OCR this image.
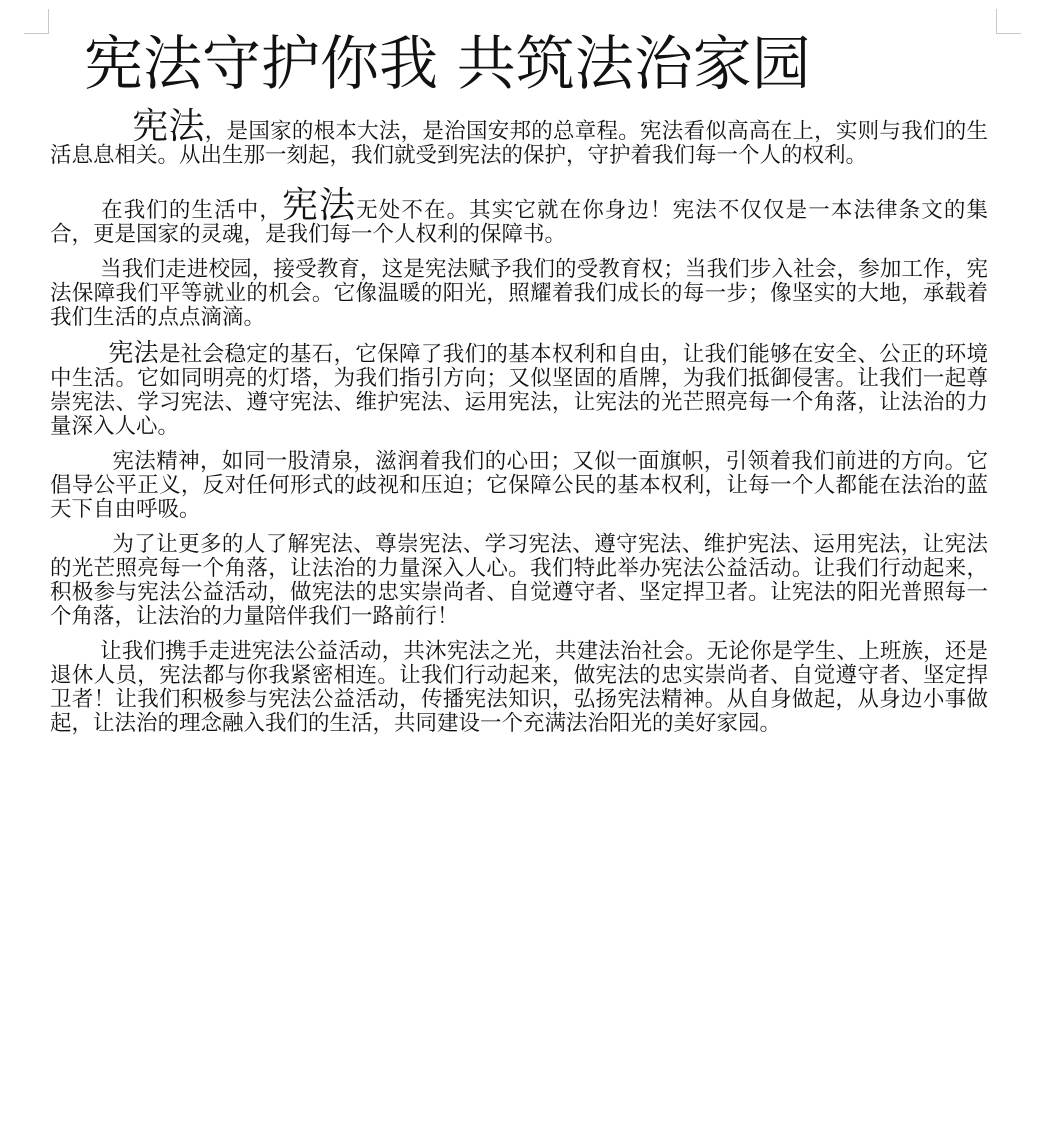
宪法守护你我 共筑法治家园

宪法，是国家的根本大法，是治国安邦的总章程。宪法看似高高在上，实则与我们的生活息息相关。从出生那一刻起，我们就受到宪法的保护，守护着我们每一个人的权利。

在我们的生活中，宪法无处不在。其实它就在你身边！宪法不仅仅是一本法律条文的集合，更是国家的灵魂，是我们每一个人权利的保障书。

当我们走进校园，接受教育，这是宪法赋予我们的受教育权；当我们步入社会，参加工作，宪法保障我们平等就业的机会。它像温暖的阳光，照耀着我们成长的每一步；像坚实的大地，承载着我们生活的点点滴滴。

宪法是社会稳定的基石，它保障了我们的基本权利和自由，让我们能够在安全、公正的环境中生活。它如同明亮的灯塔，为我们指引方向；又似坚固的盾牌，为我们抵御侵害。让我们一起尊崇宪法、学习宪法、遵守宪法、维护宪法、运用宪法，让宪法的光芒照亮每一个角落，让法治的力量深入人心。

宪法精神，如同一股清泉，滋润着我们的心田；又似一面旗帜，引领着我们前进的方向。它倡导公平正义，反对任何形式的歧视和压迫；它保障公民的基本权利，让每一个人都能在法治的蓝天下自由呼吸。

为了让更多的人了解宪法、尊崇宪法、学习宪法、遵守宪法、维护宪法、运用宪法，让宪法的光芒照亮每一个角落，让法治的力量深入人心。我们特此举办宪法公益活动。让我们行动起来，积极参与宪法公益活动，做宪法的忠实崇尚者、自觉遵守者、坚定捍卫者。让宪法的阳光普照每一个角落，让法治的力量陪伴我们一路前行！

让我们携手走进宪法公益活动，共沐宪法之光，共建法治社会。无论你是学生、上班族，还是退休人员，宪法都与你我紧密相连。让我们行动起来，做宪法的忠实崇尚者、自觉遵守者、坚定捍卫者！让我们积极参与宪法公益活动，传播宪法知识，弘扬宪法精神。从自身做起，从身边小事做起，让法治的理念融入我们的生活，共同建设一个充满法治阳光的美好家园。
